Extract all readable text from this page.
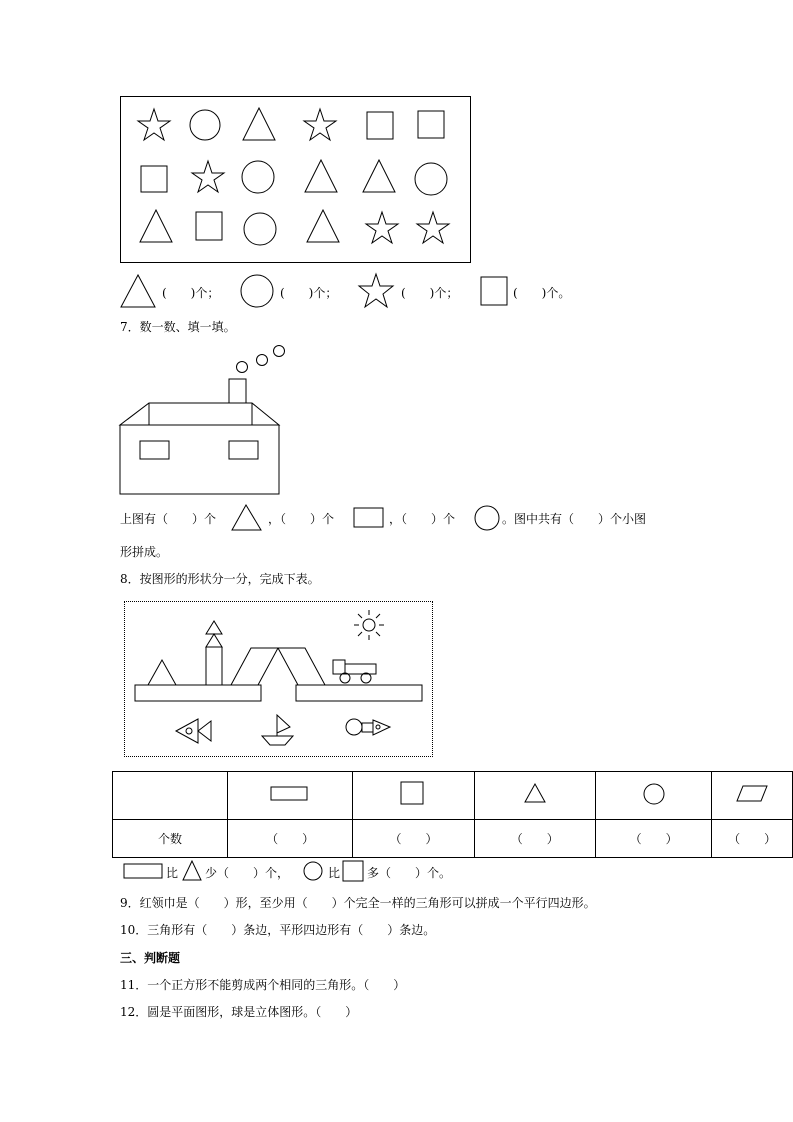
(　　)个；	(　　)个；	(　　)个；	(　　)个。
7．数一数、填一填。
上图有（　　）个	，（　　）个	，（　　）个	。图中共有（　　）个小图
形拼成。
8．按图形的形状分一分，完成下表。

个数	（　　）	（　　）	（　　）	（　　）	（　　）
比 少（　　）个，	比 多（　　）个。
9．红领巾是（　　）形，至少用（　　）个完全一样的三角形可以拼成一个平行四边形。
10．三角形有（　　）条边，平形四边形有（　　）条边。
三、判断题
11．一个正方形不能剪成两个相同的三角形。（　　）
12．圆是平面图形，球是立体图形。（　　）
